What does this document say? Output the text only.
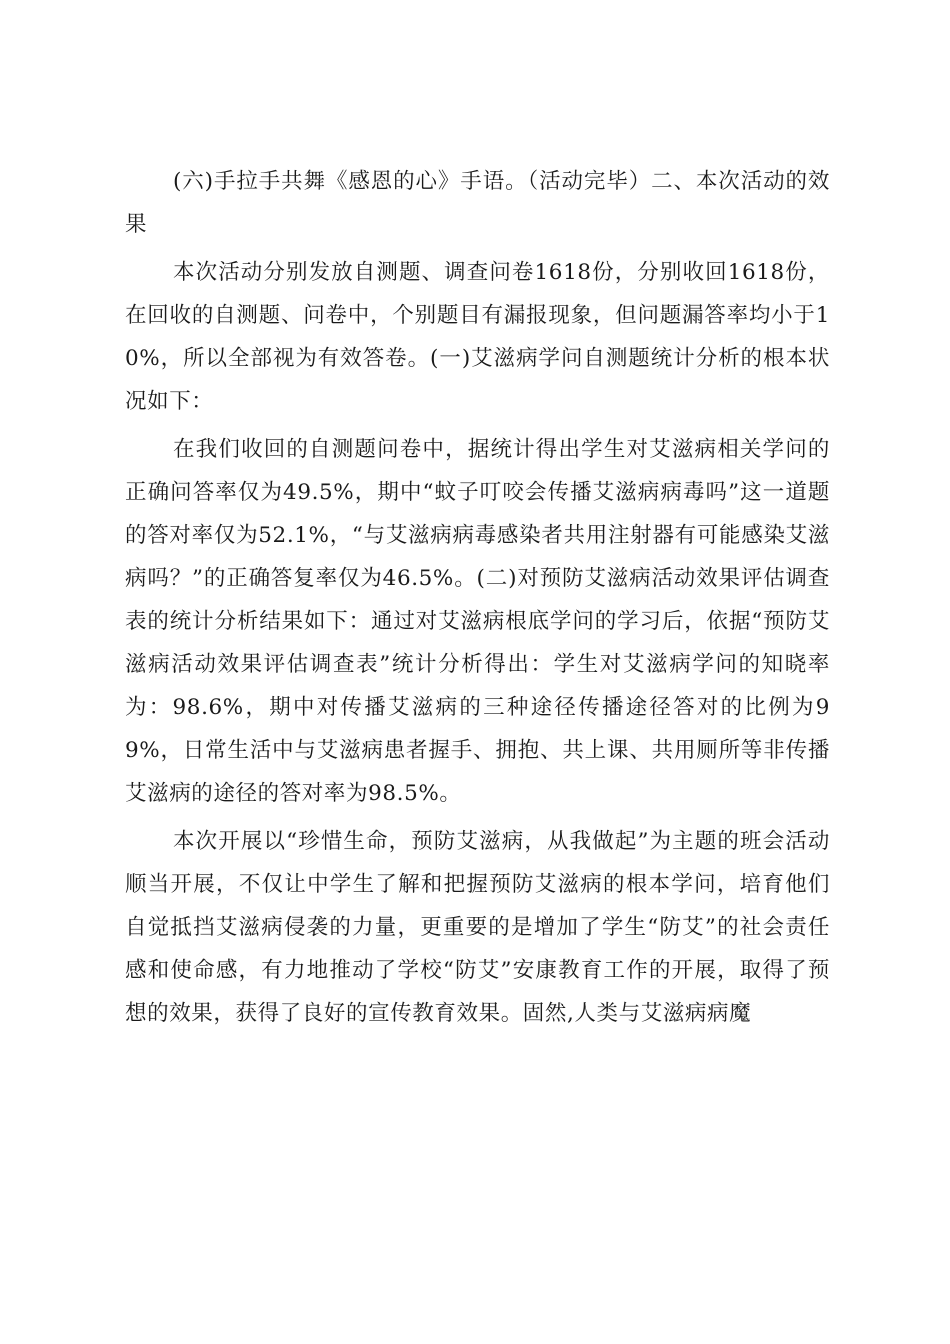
(六)手拉手共舞《感恩的心》手语。（活动完毕）二、本次活动的效果

本次活动分别发放自测题、调查问卷1618份，分别收回1618份，在回收的自测题、问卷中，个别题目有漏报现象，但问题漏答率均小于10%，所以全部视为有效答卷。(一)艾滋病学问自测题统计分析的根本状况如下：

在我们收回的自测题问卷中，据统计得出学生对艾滋病相关学问的正确问答率仅为49.5%，期中“蚊子叮咬会传播艾滋病病毒吗”这一道题的答对率仅为52.1%，“与艾滋病病毒感染者共用注射器有可能感染艾滋病吗？”的正确答复率仅为46.5%。(二)对预防艾滋病活动效果评估调查表的统计分析结果如下：通过对艾滋病根底学问的学习后，依据“预防艾滋病活动效果评估调查表”统计分析得出：学生对艾滋病学问的知晓率为：98.6%，期中对传播艾滋病的三种途径传播途径答对的比例为99%，日常生活中与艾滋病患者握手、拥抱、共上课、共用厕所等非传播艾滋病的途径的答对率为98.5%。

本次开展以“珍惜生命，预防艾滋病，从我做起”为主题的班会活动顺当开展，不仅让中学生了解和把握预防艾滋病的根本学问，培育他们自觉抵挡艾滋病侵袭的力量，更重要的是增加了学生“防艾”的社会责任感和使命感，有力地推动了学校“防艾”安康教育工作的开展，取得了预想的效果，获得了良好的宣传教育效果。固然,人类与艾滋病病魔
